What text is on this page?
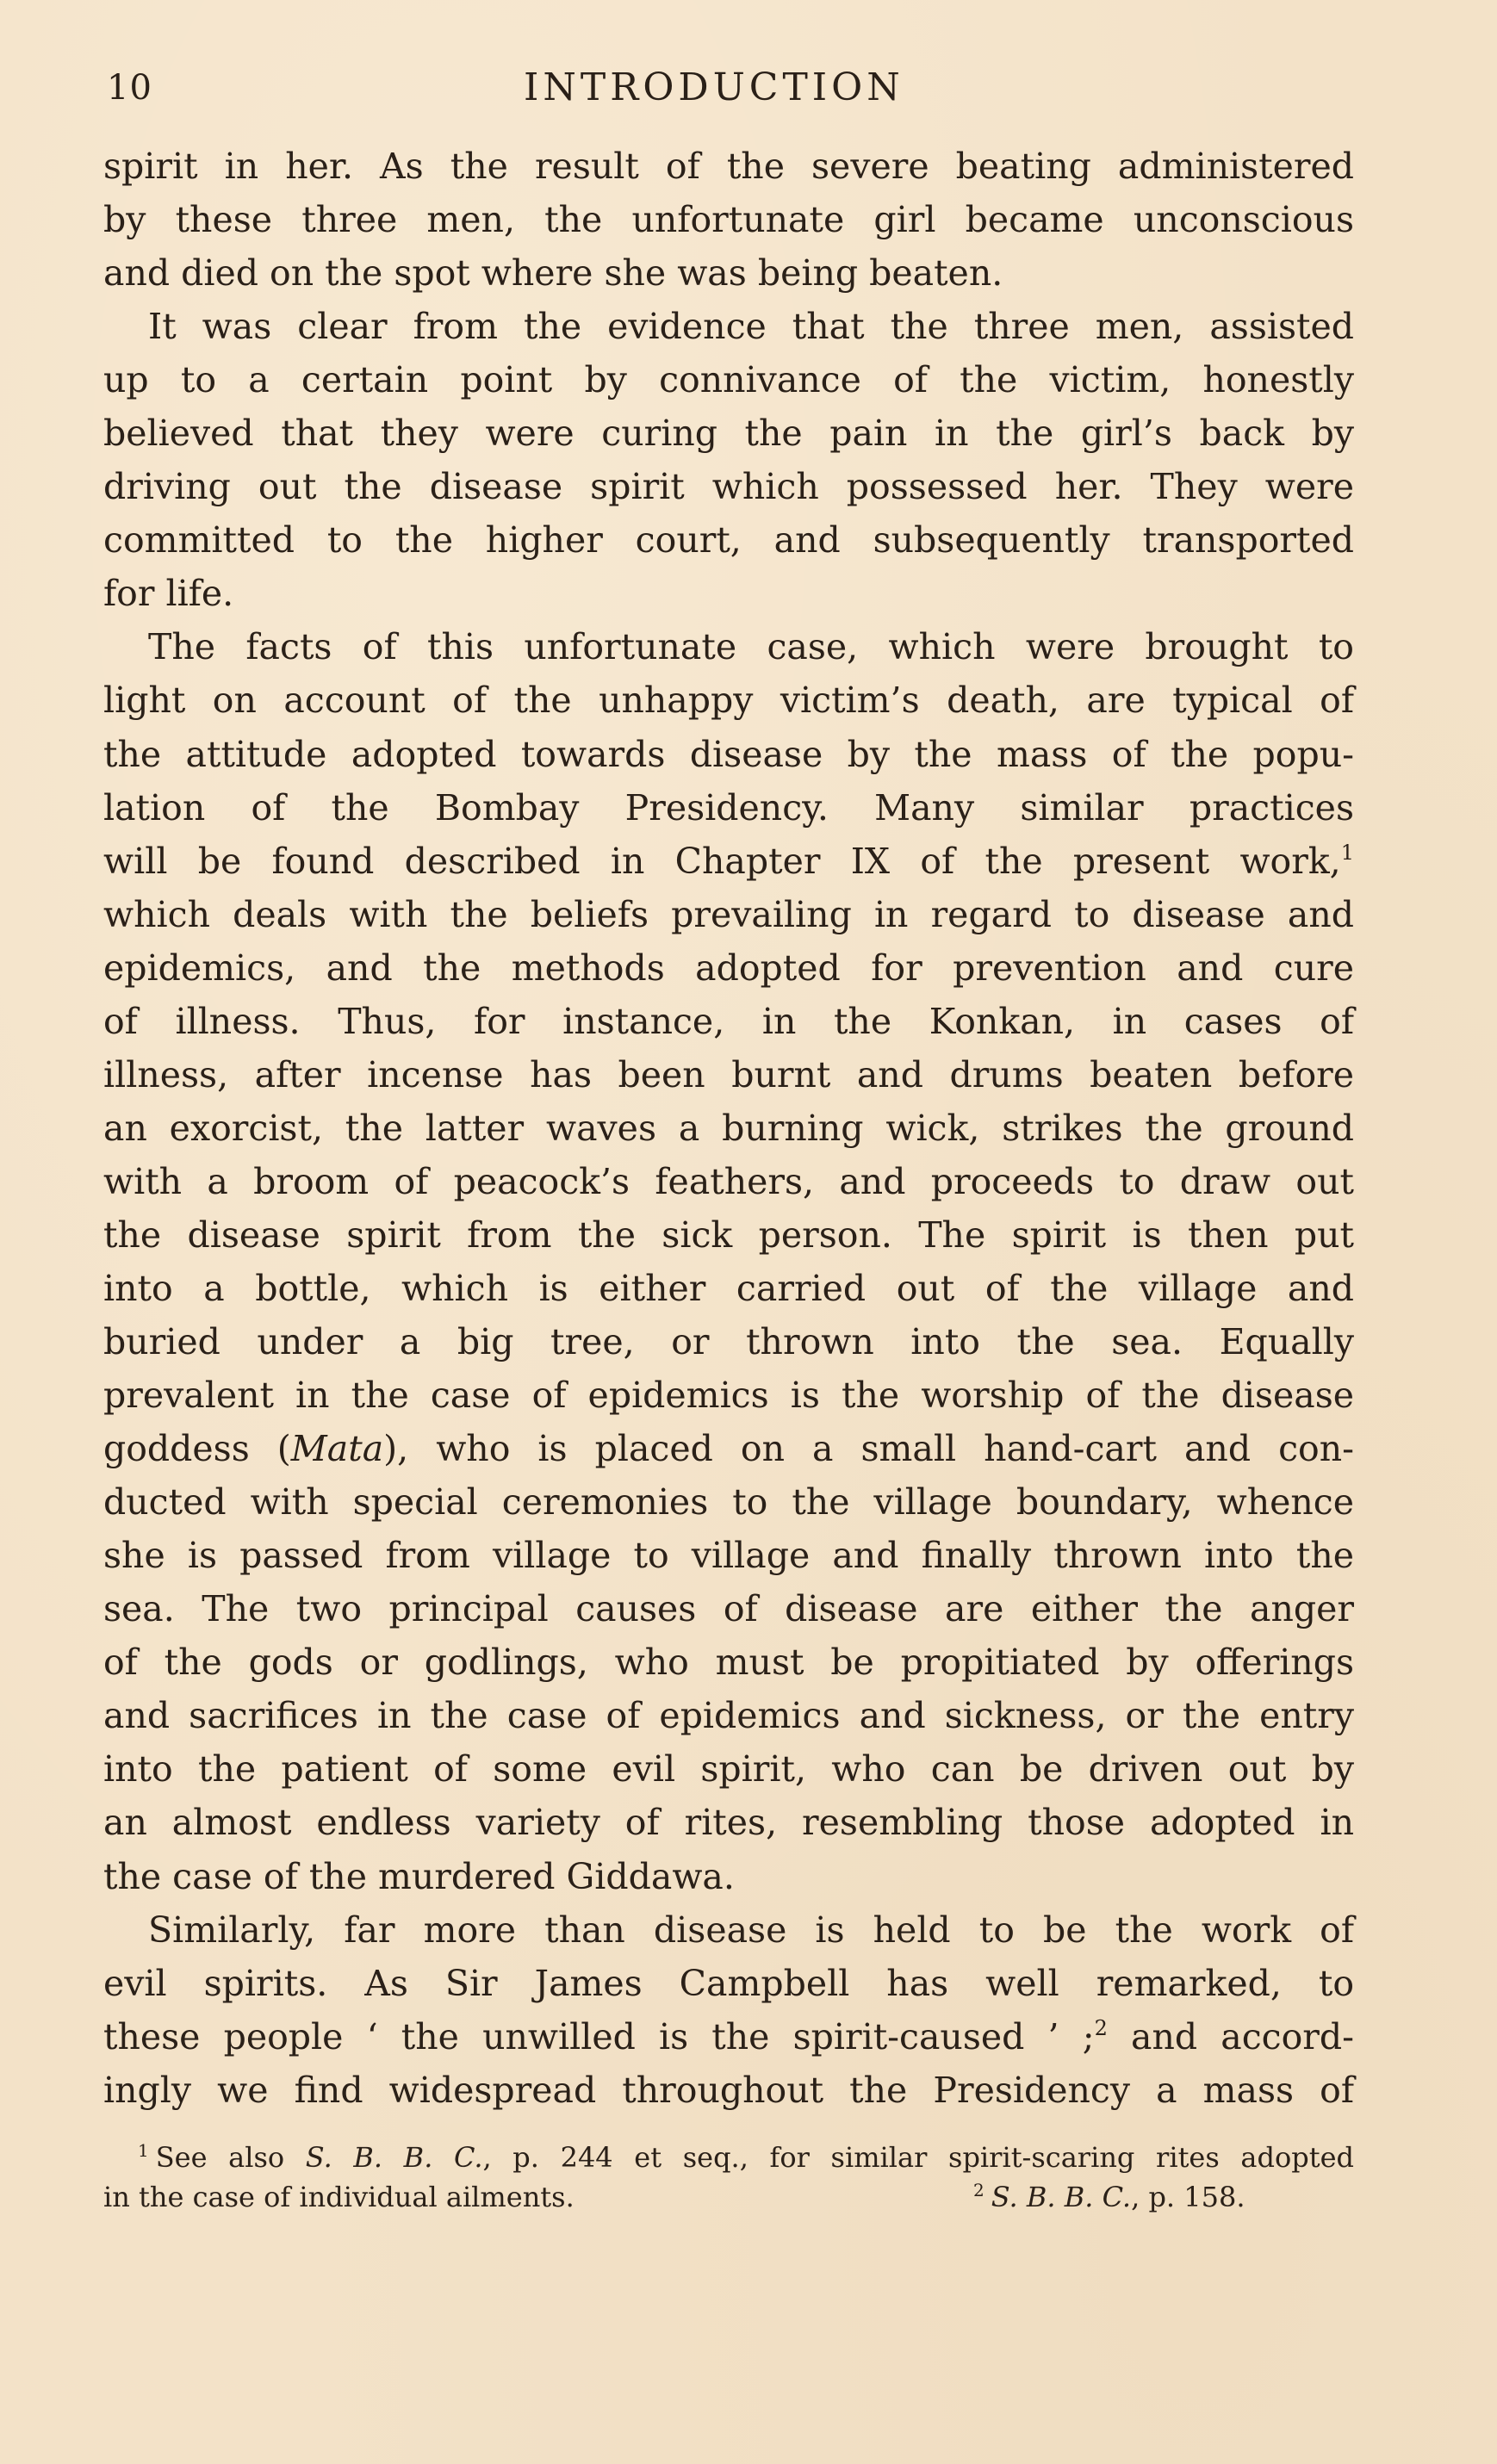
10	INTRODUCTION
spirit in her. As the result of the severe beating administered
by these three men, the unfortunate girl became unconscious
and died on the spot where she was being beaten.
It was clear from the evidence that the three men, assisted
up to a certain point by connivance of the victim, honestly
believed that they were curing the pain in the girl’s back by
driving out the disease spirit which possessed her. They were
committed to the higher court, and subsequently transported
for life.
The facts of this unfortunate case, which were brought to
light on account of the unhappy victim’s death, are typical of
the attitude adopted towards disease by the mass of the popu-
lation of the Bombay Presidency. Many similar practices
will be found described in Chapter IX of the present work,$^1$
which deals with the beliefs prevailing in regard to disease and
epidemics, and the methods adopted for prevention and cure
of illness. Thus, for instance, in the Konkan, in cases of
illness, after incense has been burnt and drums beaten before
an exorcist, the latter waves a burning wick, strikes the ground
with a broom of peacock’s feathers, and proceeds to draw out
the disease spirit from the sick person. The spirit is then put
into a bottle, which is either carried out of the village and
buried under a big tree, or thrown into the sea. Equally
prevalent in the case of epidemics is the worship of the disease
goddess (Mata), who is placed on a small hand-cart and con-
ducted with special ceremonies to the village boundary, whence
she is passed from village to village and finally thrown into the
sea. The two principal causes of disease are either the anger
of the gods or godlings, who must be propitiated by offerings
and sacrifices in the case of epidemics and sickness, or the entry
into the patient of some evil spirit, who can be driven out by
an almost endless variety of rites, resembling those adopted in
the case of the murdered Giddawa.
Similarly, far more than disease is held to be the work of
evil spirits. As Sir James Campbell has well remarked, to
these people ‘ the unwilled is the spirit-caused ’ ;$^2$ and accord-
ingly we find widespread throughout the Presidency a mass of
$^1$ See also S. B. B. C., p. 244 et seq., for similar spirit-scaring rites adopted
in the case of individual ailments.	$^2$ S. B. B. C., p. 158.
